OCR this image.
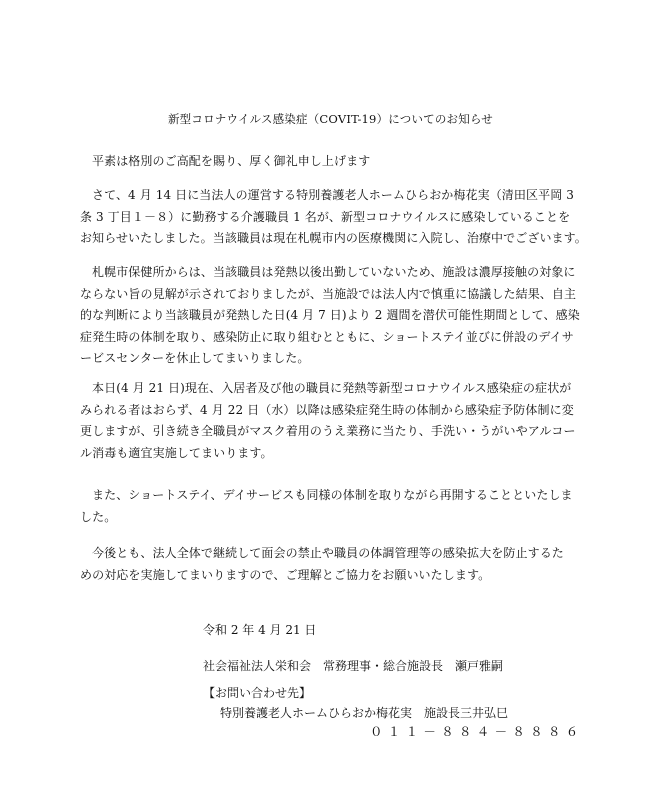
新型コロナウイルス感染症（COVIT-19）についてのお知らせ

平素は格別のご高配を賜り、厚く御礼申し上げます

さて、4 月 14 日に当法人の運営する特別養護老人ホームひらおか梅花実（清田区平岡 3
条 3 丁目１－８）に勤務する介護職員 1 名が、新型コロナウイルスに感染していることを
お知らせいたしました。当該職員は現在札幌市内の医療機関に入院し、治療中でございます。

札幌市保健所からは、当該職員は発熱以後出勤していないため、施設は濃厚接触の対象に
ならない旨の見解が示されておりましたが、当施設では法人内で慎重に協議した結果、自主
的な判断により当該職員が発熱した日(4 月 7 日)より 2 週間を潜伏可能性期間として、感染
症発生時の体制を取り、感染防止に取り組むとともに、ショートステイ並びに併設のデイサ
ービスセンターを休止してまいりました。

本日(4 月 21 日)現在、入居者及び他の職員に発熱等新型コロナウイルス感染症の症状が
みられる者はおらず、4 月 22 日（水）以降は感染症発生時の体制から感染症予防体制に変
更しますが、引き続き全職員がマスク着用のうえ業務に当たり、手洗い・うがいやアルコー
ル消毒も適宜実施してまいります。

また、ショートステイ、デイサービスも同様の体制を取りながら再開することといたしま
した。

今後とも、法人全体で継続して面会の禁止や職員の体調管理等の感染拡大を防止するた
めの対応を実施してまいりますので、ご理解とご協力をお願いいたします。

令和 2 年 4 月 21 日

社会福祉法人栄和会　常務理事・総合施設長　瀬戸雅嗣

【お問い合わせ先】

特別養護老人ホームひらおか梅花実　施設長三井弘巳

０１１－８８４－８８８６
